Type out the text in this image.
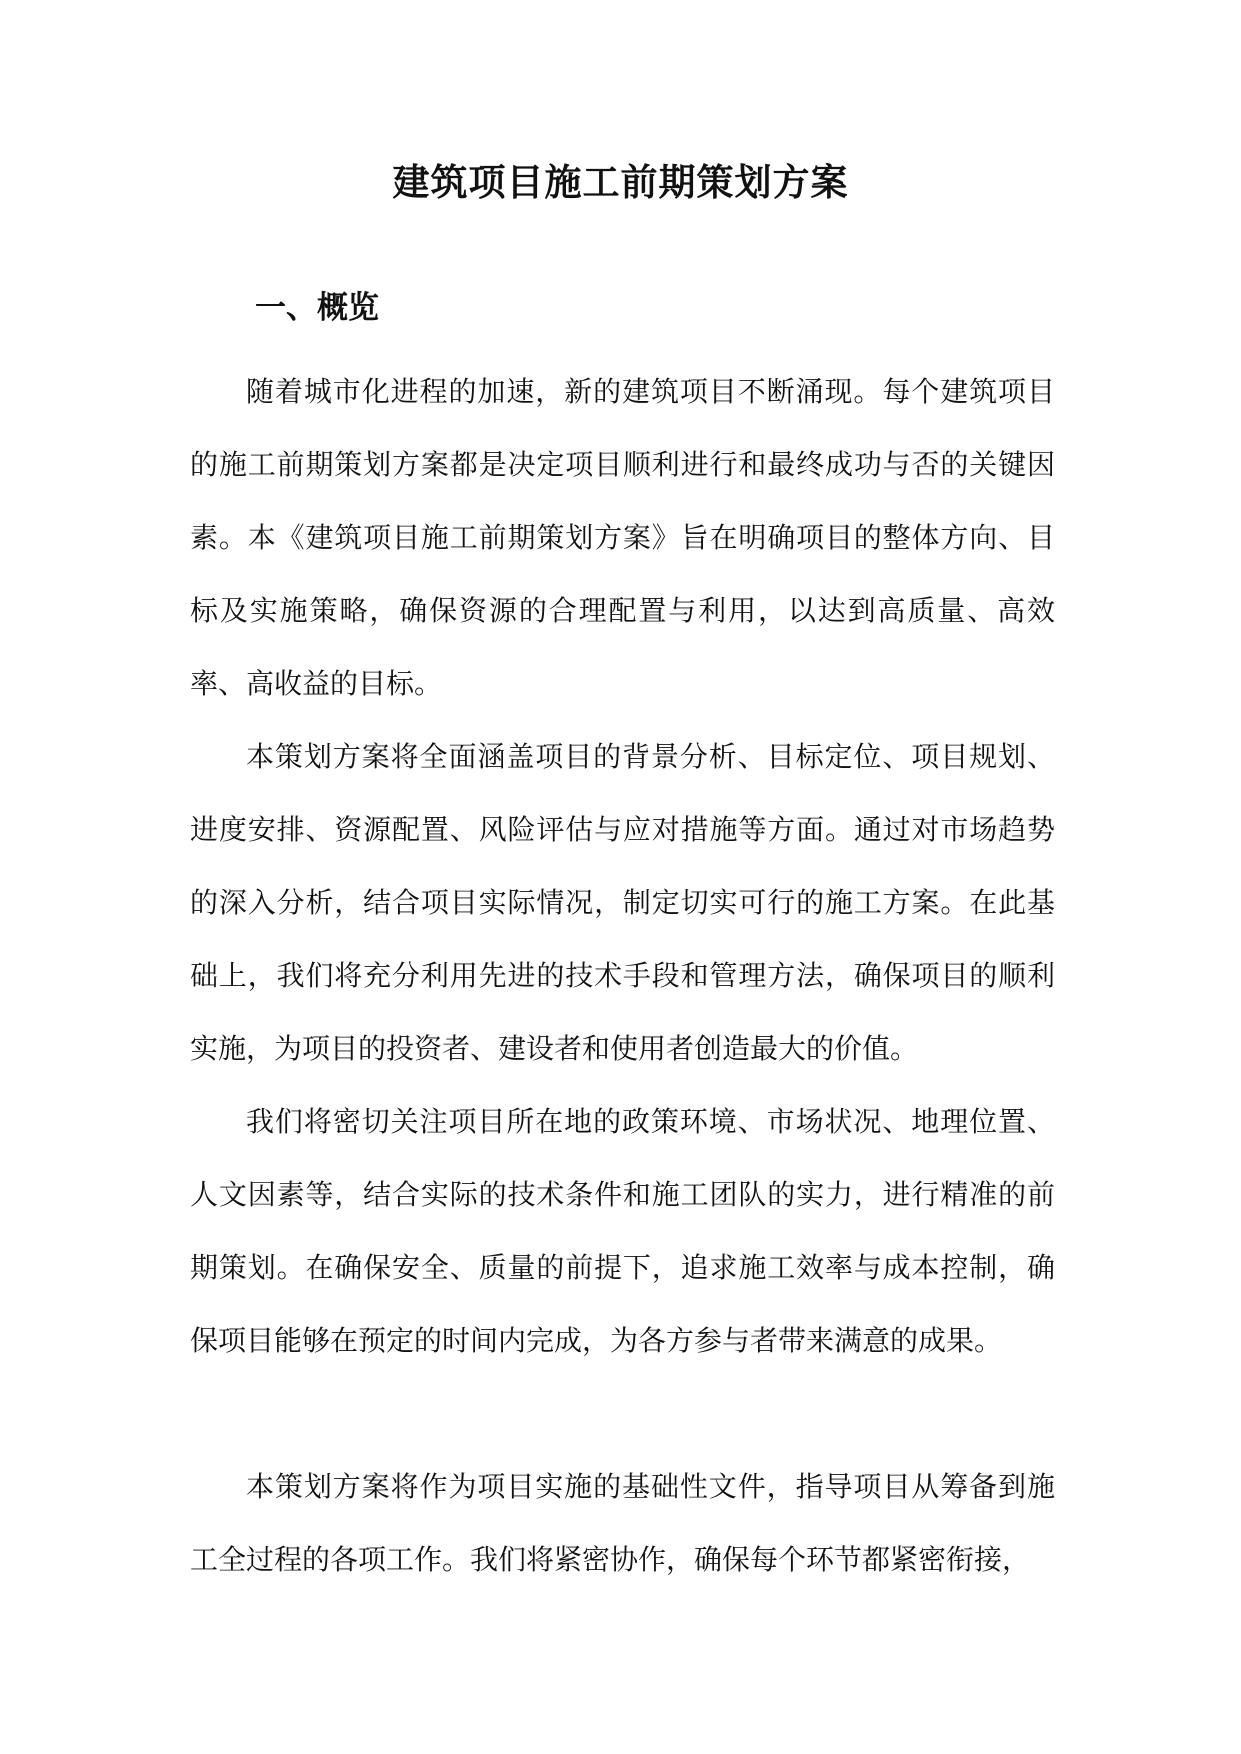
建筑项目施工前期策划方案
一、概览

随着城市化进程的加速，新的建筑项目不断涌现。每个建筑项目的施工前期策划方案都是决定项目顺利进行和最终成功与否的关键因素。本《建筑项目施工前期策划方案》旨在明确项目的整体方向、目标及实施策略，确保资源的合理配置与利用，以达到高质量、高效率、高收益的目标。

本策划方案将全面涵盖项目的背景分析、目标定位、项目规划、进度安排、资源配置、风险评估与应对措施等方面。通过对市场趋势的深入分析，结合项目实际情况，制定切实可行的施工方案。在此基础上，我们将充分利用先进的技术手段和管理方法，确保项目的顺利实施，为项目的投资者、建设者和使用者创造最大的价值。

我们将密切关注项目所在地的政策环境、市场状况、地理位置、人文因素等，结合实际的技术条件和施工团队的实力，进行精准的前期策划。在确保安全、质量的前提下，追求施工效率与成本控制，确保项目能够在预定的时间内完成，为各方参与者带来满意的成果。

本策划方案将作为项目实施的基础性文件，指导项目从筹备到施工全过程的各项工作。我们将紧密协作，确保每个环节都紧密衔接，
